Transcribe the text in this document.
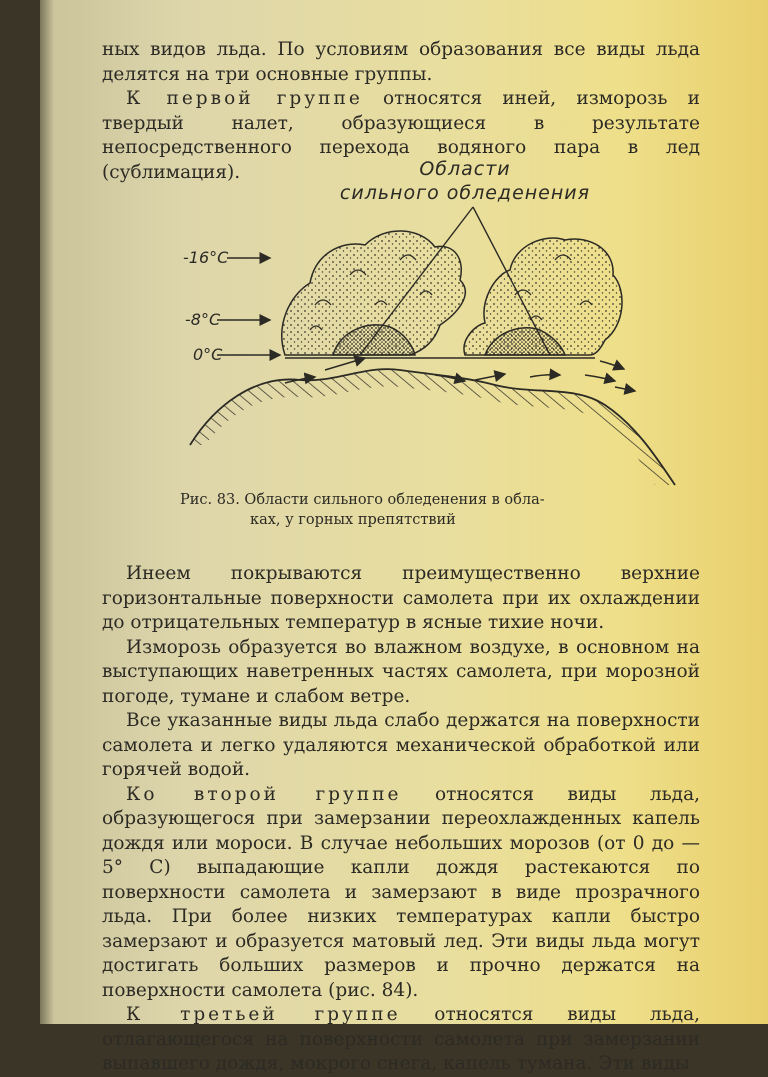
ных видов льда. По условиям образования все виды льда делятся на три основные группы.

К первой группе относятся иней, изморозь и твердый налет, образующиеся в результате непосредственного перехода водяного пара в лед (сублимация).	Области
сильного обледенения
-16°C
-8°C
0°C
Рис. 83. Области сильного обледенения в обла-
ках, у горных препятствий

Инеем покрываются преимущественно верхние горизонтальные поверхности самолета при их охлаждении до отрицательных температур в ясные тихие ночи.

Изморозь образуется во влажном воздухе, в основном на выступающих наветренных частях самолета, при морозной погоде, тумане и слабом ветре.

Все указанные виды льда слабо держатся на поверхности самолета и легко удаляются механической обработкой или горячей водой.

Ко второй группе относятся виды льда, образующегося при замерзании переохлажденных капель дождя или мороси. В случае небольших морозов (от 0 до —5° С) выпадающие капли дождя растекаются по поверхности самолета и замерзают в виде прозрачного льда. При более низких температурах капли быстро замерзают и образуется матовый лед. Эти виды льда могут достигать больших размеров и прочно держатся на поверхности самолета (рис. 84).

К третьей группе относятся виды льда, отлагающегося на поверхности самолета при замерзании выпавшего дождя, мокрого снега, капель тумана. Эти виды
